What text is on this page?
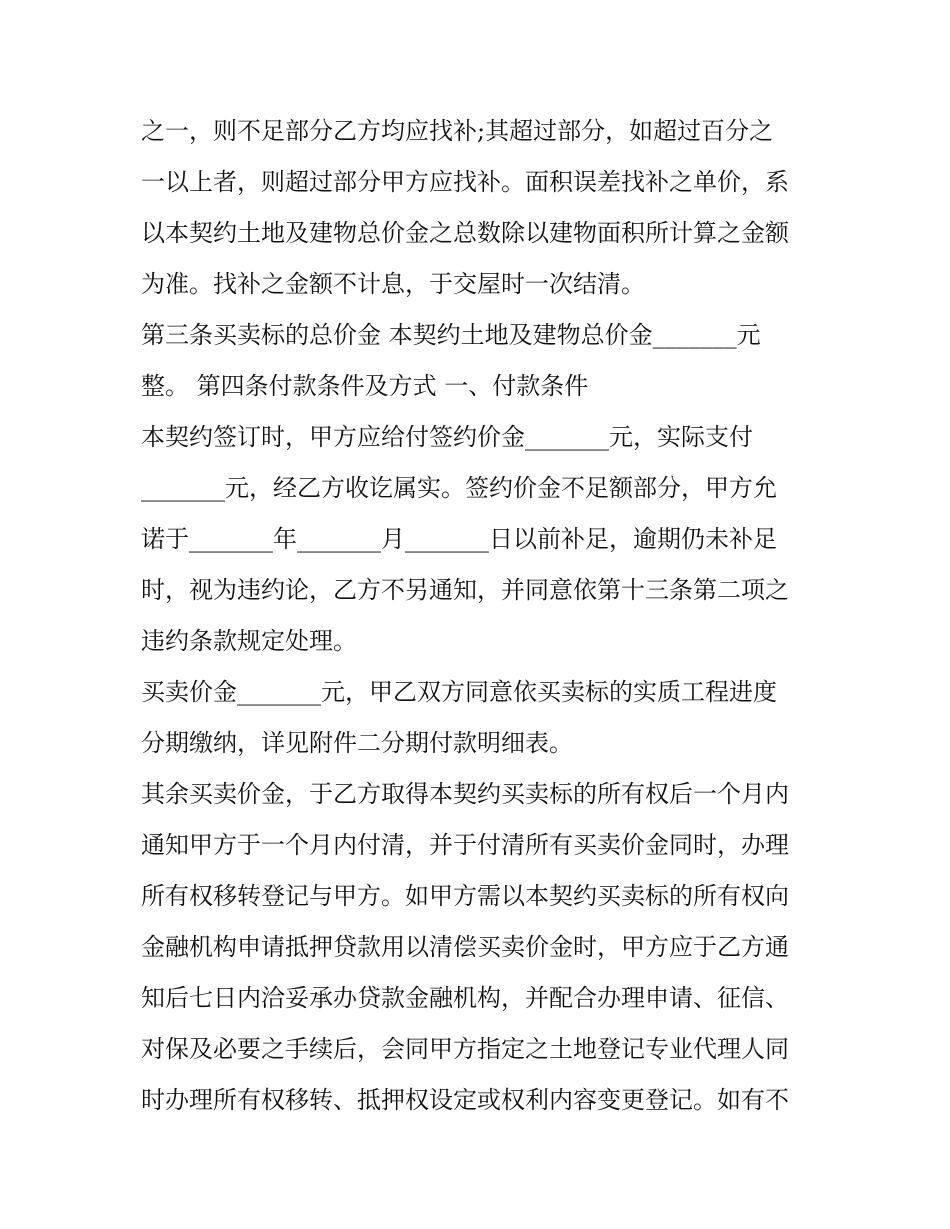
之一，则不足部分乙方均应找补;其超过部分，如超过百分之
一以上者，则超过部分甲方应找补。面积误差找补之单价，系
以本契约土地及建物总价金之总数除以建物面积所计算之金额
为准。找补之金额不计息，于交屋时一次结清。
第三条买卖标的总价金 本契约土地及建物总价金_______元
整。 第四条付款条件及方式 一、付款条件
本契约签订时，甲方应给付签约价金_______元，实际支付
_______元，经乙方收讫属实。签约价金不足额部分，甲方允
诺于_______年_______月_______日以前补足，逾期仍未补足
时，视为违约论，乙方不另通知，并同意依第十三条第二项之
违约条款规定处理。
买卖价金_______元，甲乙双方同意依买卖标的实质工程进度
分期缴纳，详见附件二分期付款明细表。
其余买卖价金，于乙方取得本契约买卖标的所有权后一个月内
通知甲方于一个月内付清，并于付清所有买卖价金同时，办理
所有权移转登记与甲方。如甲方需以本契约买卖标的所有权向
金融机构申请抵押贷款用以清偿买卖价金时，甲方应于乙方通
知后七日内洽妥承办贷款金融机构，并配合办理申请、征信、
对保及必要之手续后，会同甲方指定之土地登记专业代理人同
时办理所有权移转、抵押权设定或权利内容变更登记。如有不
